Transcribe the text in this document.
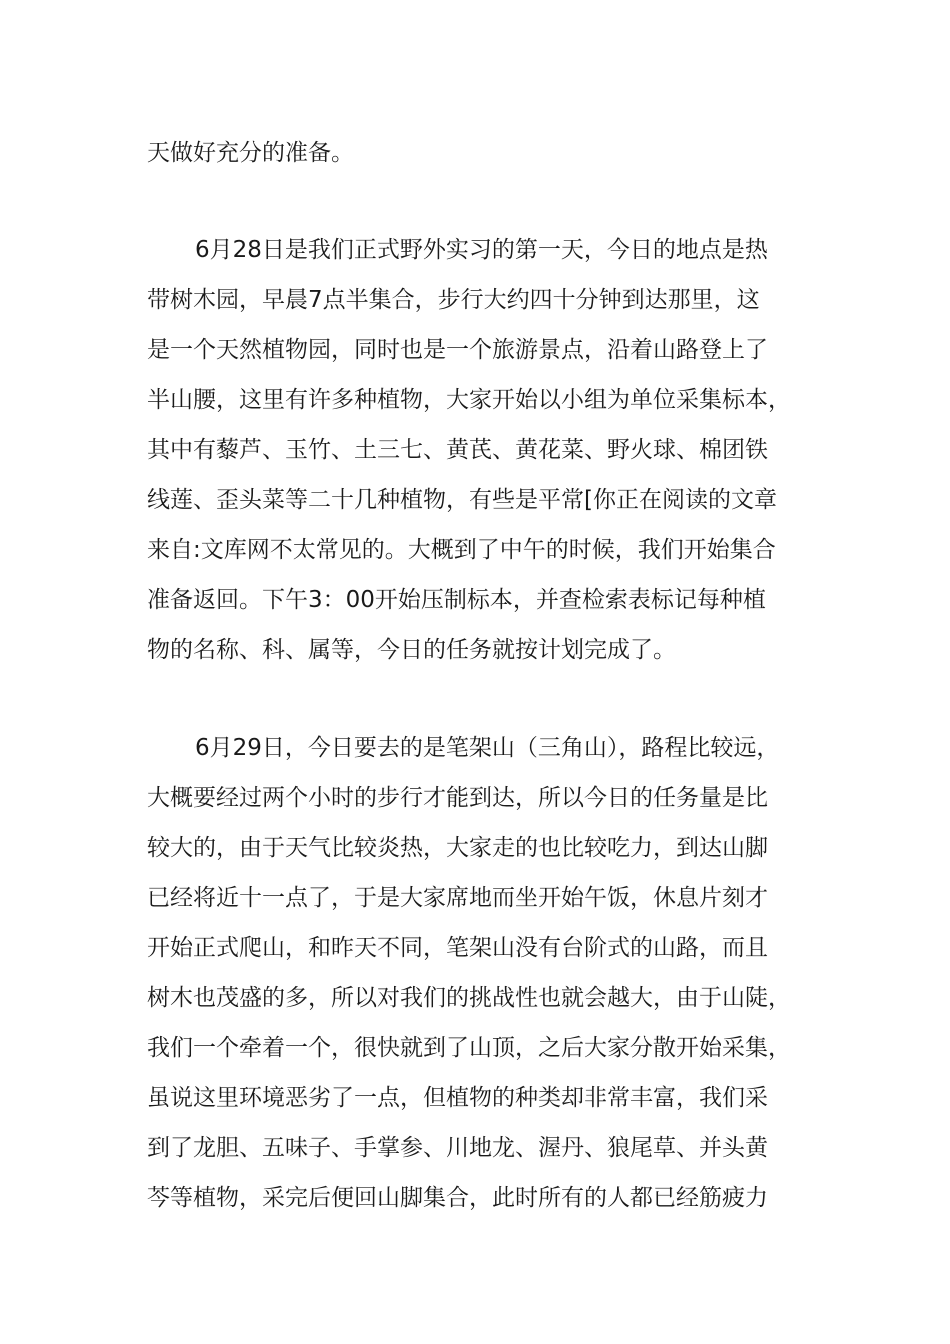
天做好充分的准备。
6月28日是我们正式野外实习的第一天，今日的地点是热
带树木园，早晨7点半集合，步行大约四十分钟到达那里，这
是一个天然植物园，同时也是一个旅游景点，沿着山路登上了
半山腰，这里有许多种植物，大家开始以小组为单位采集标本，
其中有藜芦、玉竹、土三七、黄芪、黄花菜、野火球、棉团铁
线莲、歪头菜等二十几种植物，有些是平常[你正在阅读的文章
来自:文库网不太常见的。大概到了中午的时候，我们开始集合
准备返回。下午3：00开始压制标本，并查检索表标记每种植
物的名称、科、属等，今日的任务就按计划完成了。
6月29日，今日要去的是笔架山（三角山），路程比较远，
大概要经过两个小时的步行才能到达，所以今日的任务量是比
较大的，由于天气比较炎热，大家走的也比较吃力，到达山脚
已经将近十一点了，于是大家席地而坐开始午饭，休息片刻才
开始正式爬山，和昨天不同，笔架山没有台阶式的山路，而且
树木也茂盛的多，所以对我们的挑战性也就会越大，由于山陡，
我们一个牵着一个，很快就到了山顶，之后大家分散开始采集，
虽说这里环境恶劣了一点，但植物的种类却非常丰富，我们采
到了龙胆、五味子、手掌参、川地龙、渥丹、狼尾草、并头黄
芩等植物，采完后便回山脚集合，此时所有的人都已经筋疲力
